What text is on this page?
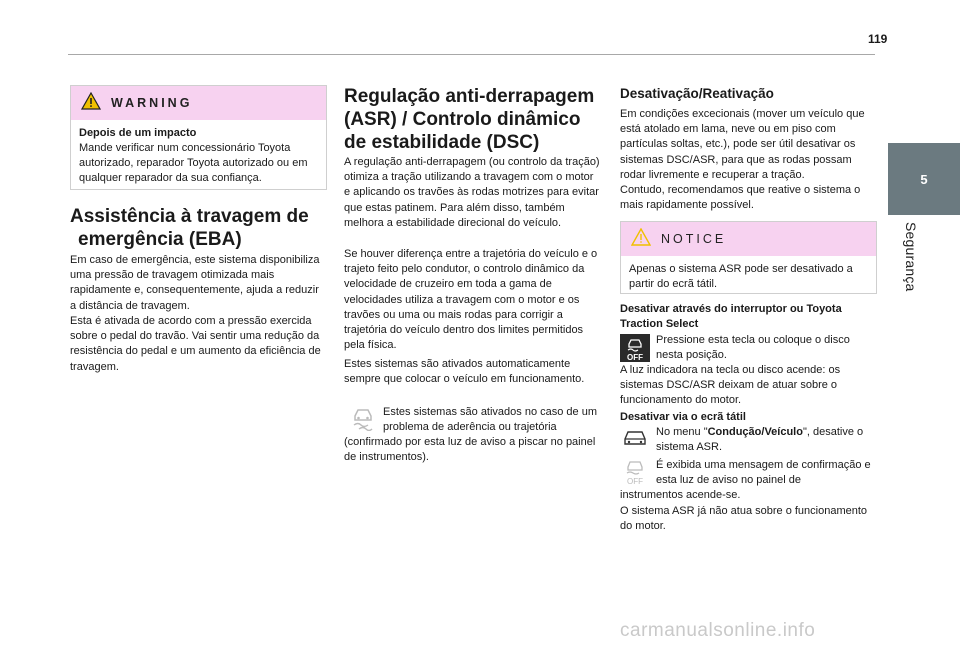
119
5
Segurança
WARNING
Depois de um impacto
Mande verificar num concessionário Toyota autorizado, reparador Toyota autorizado ou em qualquer reparador da sua confiança.
Assistência à travagem de
emergência (EBA)

Em caso de emergência, este sistema disponibiliza uma pressão de travagem otimizada mais rapidamente e, consequentemente, ajuda a reduzir a distância de travagem.

Esta é ativada de acordo com a pressão exercida sobre o pedal do travão. Vai sentir uma redução da resistência do pedal e um aumento da eficiência de travagem.

Regulação anti-derrapagem
(ASR) / Controlo dinâmico
de estabilidade (DSC)

A regulação anti-derrapagem (ou controlo da tração) otimiza a tração utilizando a travagem com o motor e aplicando os travões às rodas motrizes para evitar que estas patinem. Para além disso, também melhora a estabilidade direcional do veículo.

Se houver diferença entre a trajetória do veículo e o trajeto feito pelo condutor, o controlo dinâmico da velocidade de cruzeiro em toda a gama de velocidades utiliza a travagem com o motor e os travões ou uma ou mais rodas para corrigir a trajetória do veículo dentro dos limites permitidos pela física.

Estes sistemas são ativados automaticamente sempre que colocar o veículo em funcionamento.

Estes sistemas são ativados no caso de um problema de aderência ou trajetória

(confirmado por esta luz de aviso a piscar no painel de instrumentos).

Desativação/Reativação

Em condições excecionais (mover um veículo que está atolado em lama, neve ou em piso com partículas soltas, etc.), pode ser útil desativar os sistemas DSC/ASR, para que as rodas possam rodar livremente e recuperar a tração.

Contudo, recomendamos que reative o sistema o mais rapidamente possível.

NOTICE
Apenas o sistema ASR pode ser desativado a partir do ecrã tátil.
Desativar através do interruptor ou Toyota
Traction Select
OFF

Pressione esta tecla ou coloque o disco nesta posição.

A luz indicadora na tecla ou disco acende: os sistemas DSC/ASR deixam de atuar sobre o funcionamento do motor.

Desativar via o ecrã tátil

No menu "Condução/Veículo", desative o sistema ASR.

OFF

É exibida uma mensagem de confirmação e esta luz de aviso no painel de

instrumentos acende-se.

O sistema ASR já não atua sobre o funcionamento do motor.

carmanualsonline.info
